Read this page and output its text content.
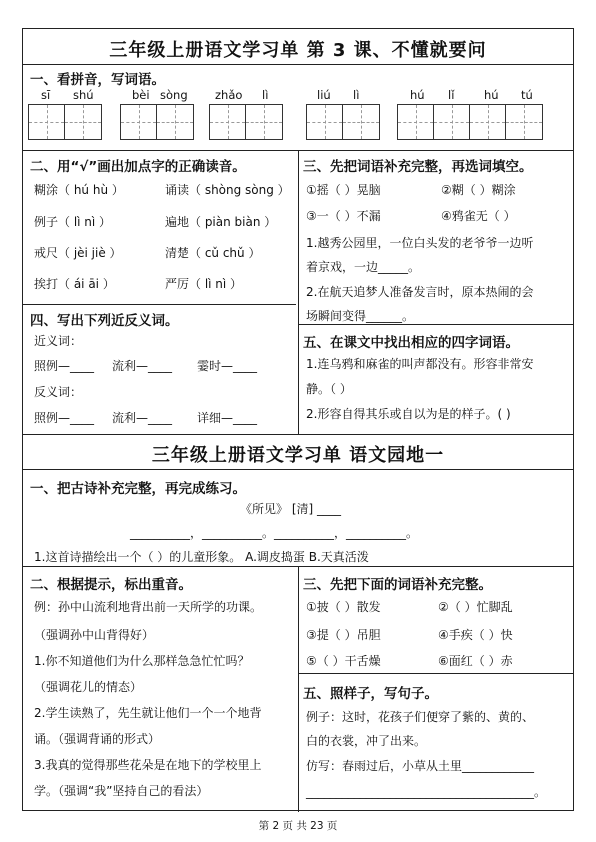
三年级上册语文学习单 第 3 课、不懂就要问
一、看拼音，写词语。
sī shú	bèi sòng zhǎo lì	liú lì	hú lǐ	hú tú
二、用“√”画出加点字的正确读音。
糊涂（ hú hù ）	诵读（ shòng sòng ）
例子（ lì nì ）	遍地（ piàn biàn ）
戒尺（ jèi jiè ）	清楚（ cǔ chǔ ）
挨打（ ái āi ）	严厉（ lì nì ）
三、先把词语补充完整，再选词填空。
①摇（ ）晃脑	②糊（ ）糊涂
③一（ ）不漏	④鸦雀无（ ）
1.越秀公园里，一位白头发的老爷爷一边听
着京戏，一边_____。
2.在航天追梦人准备发言时，原本热闹的会
场瞬间变得______。
四、写出下列近反义词。
近义词：
照例—____ 流利—____ 霎时—____
反义词：
照例—____ 流利—____ 详细—____
五、在课文中找出相应的四字词语。
1.连乌鸦和麻雀的叫声都没有。形容非常安
静。（ ）
2.形容自得其乐或自以为是的样子。( )
三年级上册语文学习单 语文园地一
一、把古诗补充完整，再完成练习。
《所见》 [清] ____
__________，__________。__________，__________。
1.这首诗描绘出一个（ ）的儿童形象。 A.调皮捣蛋 B.天真活泼
二、根据提示，标出重音。
例：孙中山流利地背出前一天所学的功课。
（强调孙中山背得好）
1.你不知道他们为什么那样急急忙忙吗？
（强调花儿的情态）
2.学生读熟了，先生就让他们一个一个地背
诵。（强调背诵的形式）
3.我真的觉得那些花朵是在地下的学校里上
学。（强调“我”坚持自己的看法）
三、先把下面的词语补充完整。
①披（ ）散发	②（ ）忙脚乱
③提（ ）吊胆	④手疾（ ）快
⑤（ ）干舌燥	⑥面红（ ）赤
五、照样子，写句子。
例子：这时，花孩子们便穿了紫的、黄的、
白的衣裳，冲了出来。
仿写：春雨过后，小草从土里____________
______________________________________。
第 2 页 共 23 页
